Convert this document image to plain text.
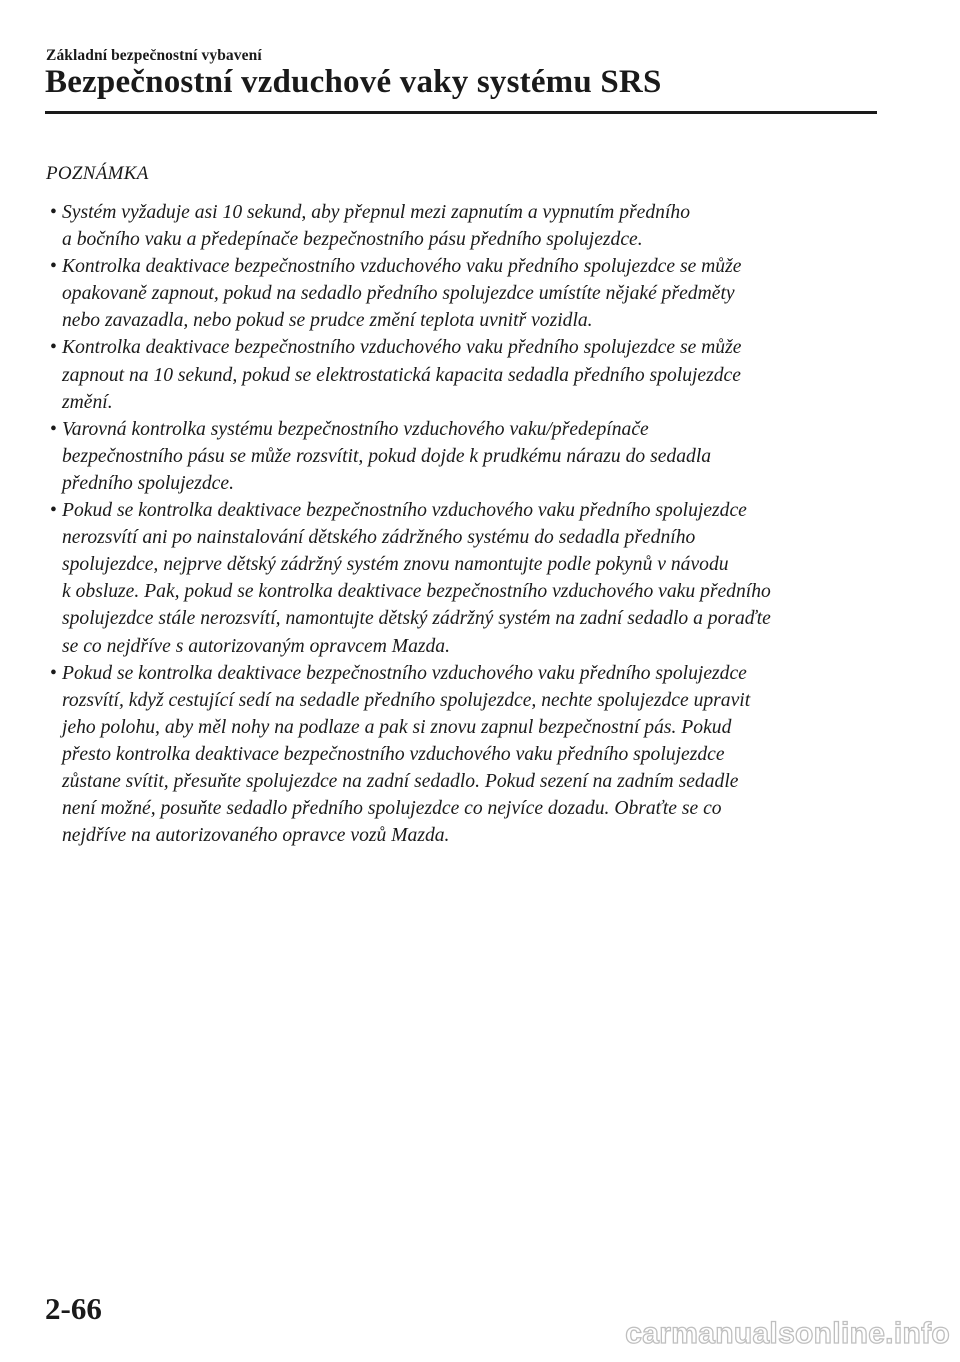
Základní bezpečnostní vybavení
Bezpečnostní vzduchové vaky systému SRS
POZNÁMKA
• Systém vyžaduje asi 10 sekund, aby přepnul mezi zapnutím a vypnutím předního
a bočního vaku a předepínače bezpečnostního pásu předního spolujezdce.
• Kontrolka deaktivace bezpečnostního vzduchového vaku předního spolujezdce se může
opakovaně zapnout, pokud na sedadlo předního spolujezdce umístíte nějaké předměty
nebo zavazadla, nebo pokud se prudce změní teplota uvnitř vozidla.
• Kontrolka deaktivace bezpečnostního vzduchového vaku předního spolujezdce se může
zapnout na 10 sekund, pokud se elektrostatická kapacita sedadla předního spolujezdce
změní.
• Varovná kontrolka systému bezpečnostního vzduchového vaku/předepínače
bezpečnostního pásu se může rozsvítit, pokud dojde k prudkému nárazu do sedadla
předního spolujezdce.
• Pokud se kontrolka deaktivace bezpečnostního vzduchového vaku předního spolujezdce
nerozsvítí ani po nainstalování dětského zádržného systému do sedadla předního
spolujezdce, nejprve dětský zádržný systém znovu namontujte podle pokynů v návodu
k obsluze. Pak, pokud se kontrolka deaktivace bezpečnostního vzduchového vaku předního
spolujezdce stále nerozsvítí, namontujte dětský zádržný systém na zadní sedadlo a poraďte
se co nejdříve s autorizovaným opravcem Mazda.
• Pokud se kontrolka deaktivace bezpečnostního vzduchového vaku předního spolujezdce
rozsvítí, když cestující sedí na sedadle předního spolujezdce, nechte spolujezdce upravit
jeho polohu, aby měl nohy na podlaze a pak si znovu zapnul bezpečnostní pás. Pokud
přesto kontrolka deaktivace bezpečnostního vzduchového vaku předního spolujezdce
zůstane svítit, přesuňte spolujezdce na zadní sedadlo. Pokud sezení na zadním sedadle
není možné, posuňte sedadlo předního spolujezdce co nejvíce dozadu. Obraťte se co
nejdříve na autorizovaného opravce vozů Mazda.
2-66
carmanualsonline.info
